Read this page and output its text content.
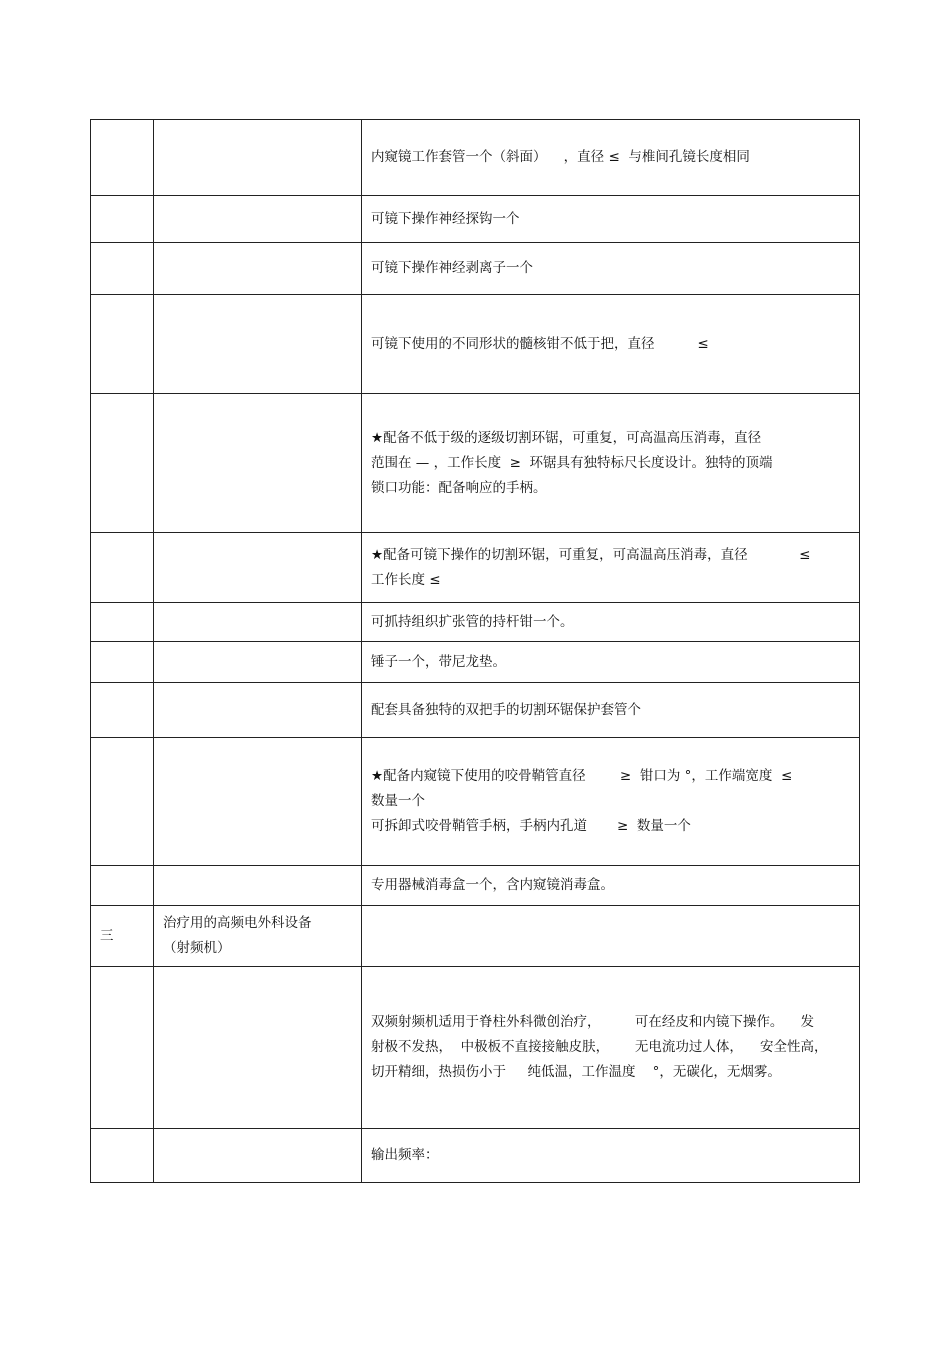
		内窥镜工作套管一个（斜面）    ，直径 ≤  与椎间孔镜长度相同

		可镜下操作神经探钩一个

		可镜下操作神经剥离子一个

		可镜下使用的不同形状的髓核钳不低于把，直径          ≤

		★配备不低于级的逐级切割环锯，可重复，可高温高压消毒，直径
范围在 — ，工作长度  ≥  环锯具有独特标尺长度设计。独特的顶端
锁口功能：配备响应的手柄。

		★配备可镜下操作的切割环锯，可重复，可高温高压消毒，直径            ≤
工作长度 ≤

		可抓持组织扩张管的持杆钳一个。

		锤子一个，带尼龙垫。

		配套具备独特的双把手的切割环锯保护套管个

		★配备内窥镜下使用的咬骨鞘管直径        ≥  钳口为 °，工作端宽度  ≤
数量一个
可拆卸式咬骨鞘管手柄，手柄内孔道       ≥  数量一个

		专用器械消毒盒一个，含内窥镜消毒盒。

三	治疗用的高频电外科设备
（射频机）	

		双频射频机适用于脊柱外科微创治疗，        可在经皮和内镜下操作。    发
射极不发热，  中极板不直接接触皮肤，      无电流功过人体，    安全性高，
切开精细，热损伤小于     纯低温，工作温度    °，无碳化，无烟雾。

		输出频率：
